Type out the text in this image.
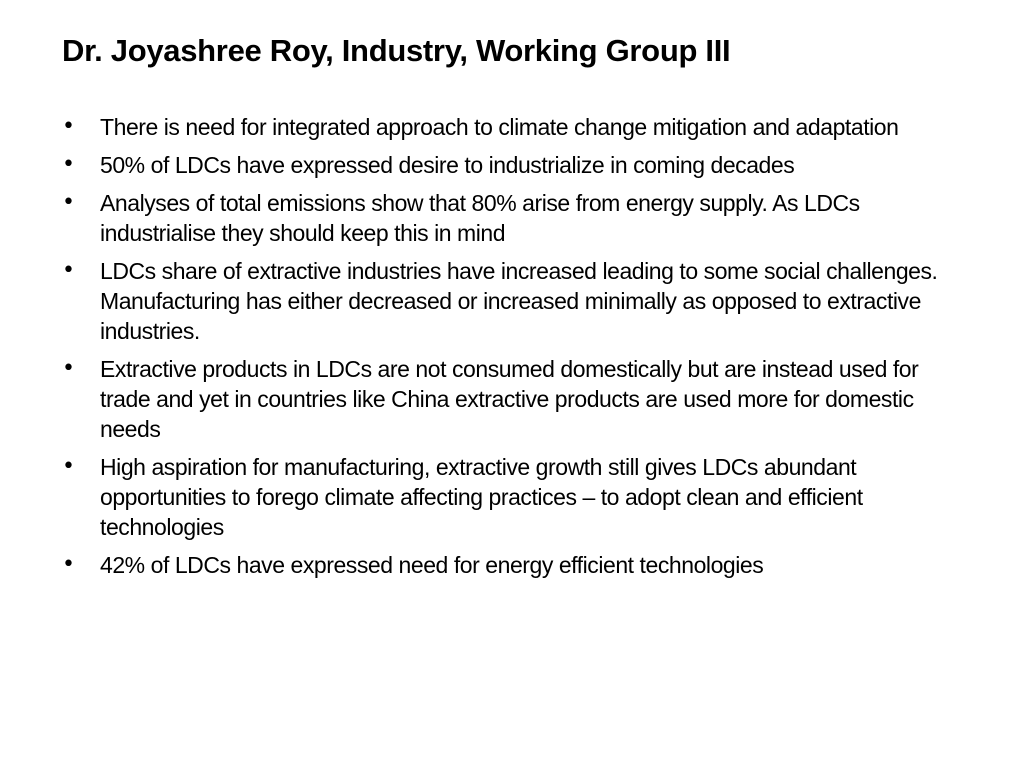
Dr. Joyashree Roy, Industry, Working Group III
•	There is need for integrated approach to climate change mitigation and adaptation
•	50% of LDCs have expressed desire to industrialize in coming decades
•	Analyses of total emissions show that 80% arise from energy supply. As LDCs industrialise they should keep this in mind
•	LDCs share of extractive industries have increased leading to some social challenges. Manufacturing has either decreased or increased minimally as opposed to extractive industries.
•	Extractive products in LDCs are not consumed domestically but are instead used for trade and yet in countries like China extractive products are used more for domestic needs
•	High aspiration for manufacturing, extractive growth still gives LDCs abundant opportunities to forego climate affecting practices – to adopt clean and efficient technologies
•	42% of LDCs have expressed need for energy efficient technologies
